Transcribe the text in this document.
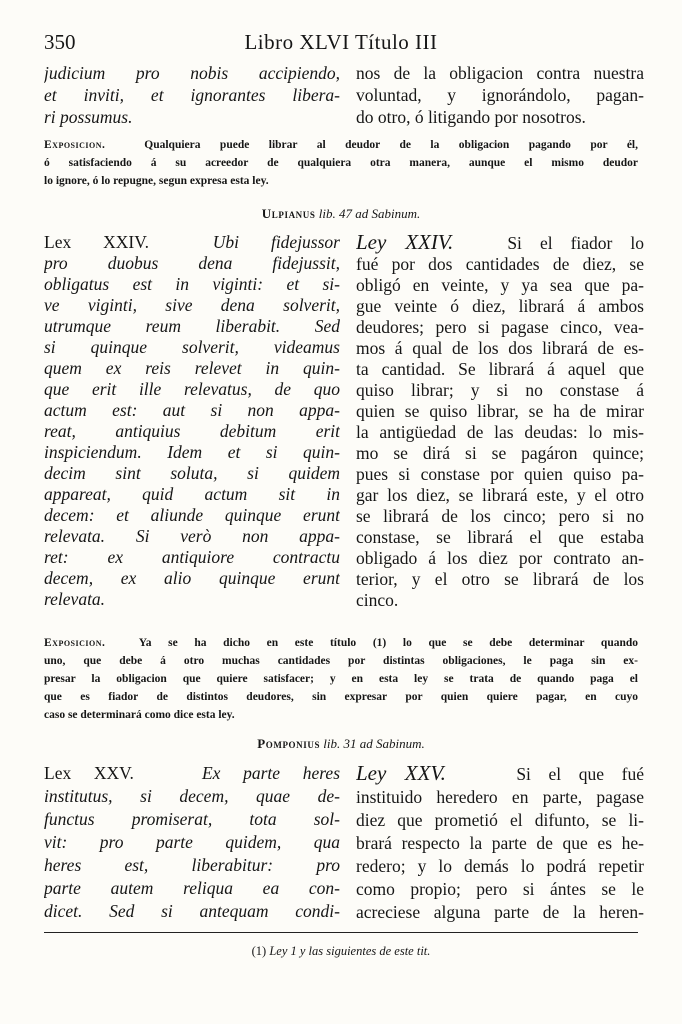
350	Libro XLVI Título III
judicium pro nobis accipiendo,
et inviti, et ignorantes libera-
ri possumus.
nos de la obligacion contra nuestra
voluntad, y ignorándolo, pagan-
do otro, ó litigando por nosotros.
Exposicion.	Qualquiera puede librar al deudor de la obligacion pagando por él,
ó satisfaciendo á su acreedor de qualquiera otra manera, aunque el mismo deudor
lo ignore, ó lo repugne, segun expresa esta ley.
Ulpianus lib. 47 ad Sabinum.
Lex XXIV.	Ubi fidejussor
pro duobus dena fidejussit,
obligatus est in viginti: et si-
ve viginti, sive dena solverit,
utrumque reum liberabit. Sed
si quinque solverit, videamus
quem ex reis relevet in quin-
que erit ille relevatus, de quo
actum est: aut si non appa-
reat, antiquius debitum erit
inspiciendum. Idem et si quin-
decim sint soluta, si quidem
appareat, quid actum sit in
decem: et aliunde quinque erunt
relevata. Si verò non appa-
ret: ex antiquiore contractu
decem, ex alio quinque erunt
relevata.
Ley XXIV.	Si el fiador lo
fué por dos cantidades de diez, se
obligó en veinte, y ya sea que pa-
gue veinte ó diez, librará á ambos
deudores; pero si pagase cinco, vea-
mos á qual de los dos librará de es-
ta cantidad. Se librará á aquel que
quiso librar; y si no constase á
quien se quiso librar, se ha de mirar
la antigüedad de las deudas: lo mis-
mo se dirá si se pagáron quince;
pues si constase por quien quiso pa-
gar los diez, se librará este, y el otro
se librará de los cinco; pero si no
constase, se librará el que estaba
obligado á los diez por contrato an-
terior, y el otro se librará de los
cinco.
Exposicion.	Ya se ha dicho en este título (1) lo que se debe determinar quando
uno, que debe á otro muchas cantidades por distintas obligaciones, le paga sin ex-
presar la obligacion que quiere satisfacer; y en esta ley se trata de quando paga el
que es fiador de distintos deudores, sin expresar por quien quiere pagar, en cuyo
caso se determinará como dice esta ley.
Pomponius lib. 31 ad Sabinum.
Lex XXV.	Ex parte heres
institutus, si decem, quae de-
functus promiserat, tota sol-
vit: pro parte quidem, qua
heres est, liberabitur: pro
parte autem reliqua ea con-
dicet. Sed si antequam condi-
Ley XXV.	Si el que fué
instituido heredero en parte, pagase
diez que prometió el difunto, se li-
brará respecto la parte de que es he-
redero; y lo demás lo podrá repetir
como propio; pero si ántes se le
acreciese alguna parte de la heren-
(1) Ley 1 y las siguientes de este tit.
